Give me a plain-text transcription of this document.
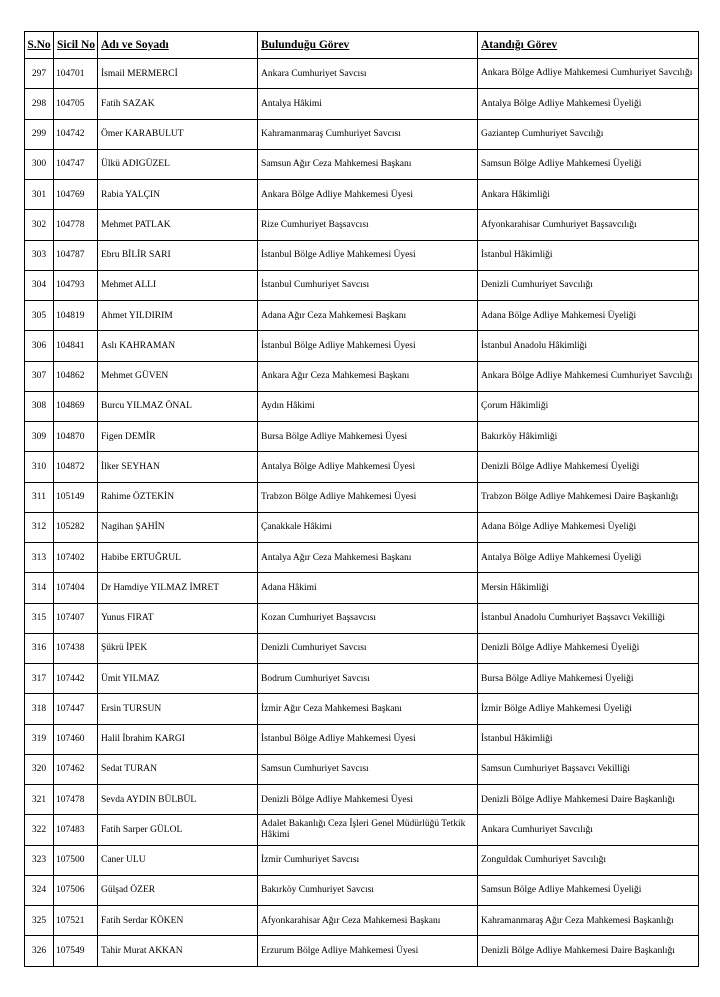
S.No	Sicil No	Adı ve Soyadı	Bulunduğu Görev	Atandığı Görev
297	104701	İsmail MERMERCİ	Ankara Cumhuriyet Savcısı	Ankara Bölge Adliye Mahkemesi Cumhuriyet Savcılığı
298	104705	Fatih SAZAK	Antalya Hâkimi	Antalya Bölge Adliye Mahkemesi Üyeliği
299	104742	Ömer KARABULUT	Kahramanmaraş Cumhuriyet Savcısı	Gaziantep Cumhuriyet Savcılığı
300	104747	Ülkü ADIGÜZEL	Samsun Ağır Ceza Mahkemesi Başkanı	Samsun Bölge Adliye Mahkemesi Üyeliği
301	104769	Rabia YALÇIN	Ankara Bölge Adliye Mahkemesi Üyesi	Ankara Hâkimliği
302	104778	Mehmet PATLAK	Rize Cumhuriyet Başsavcısı	Afyonkarahisar Cumhuriyet Başsavcılığı
303	104787	Ebru BİLİR SARI	İstanbul Bölge Adliye Mahkemesi Üyesi	İstanbul Hâkimliği
304	104793	Mehmet ALLI	İstanbul Cumhuriyet Savcısı	Denizli Cumhuriyet Savcılığı
305	104819	Ahmet YILDIRIM	Adana Ağır Ceza Mahkemesi Başkanı	Adana Bölge Adliye Mahkemesi Üyeliği
306	104841	Aslı KAHRAMAN	İstanbul Bölge Adliye Mahkemesi Üyesi	İstanbul Anadolu Hâkimliği
307	104862	Mehmet GÜVEN	Ankara Ağır Ceza Mahkemesi Başkanı	Ankara Bölge Adliye Mahkemesi Cumhuriyet Savcılığı
308	104869	Burcu YILMAZ ÖNAL	Aydın Hâkimi	Çorum Hâkimliği
309	104870	Figen DEMİR	Bursa Bölge Adliye Mahkemesi Üyesi	Bakırköy Hâkimliği
310	104872	İlker SEYHAN	Antalya Bölge Adliye Mahkemesi Üyesi	Denizli Bölge Adliye Mahkemesi Üyeliği
311	105149	Rahime ÖZTEKİN	Trabzon Bölge Adliye Mahkemesi Üyesi	Trabzon Bölge Adliye Mahkemesi Daire Başkanlığı
312	105282	Nagihan ŞAHİN	Çanakkale Hâkimi	Adana Bölge Adliye Mahkemesi Üyeliği
313	107402	Habibe ERTUĞRUL	Antalya Ağır Ceza Mahkemesi Başkanı	Antalya Bölge Adliye Mahkemesi Üyeliği
314	107404	Dr Hamdiye YILMAZ İMRET	Adana Hâkimi	Mersin Hâkimliği
315	107407	Yunus FIRAT	Kozan Cumhuriyet Başsavcısı	İstanbul Anadolu Cumhuriyet Başsavcı Vekilliği
316	107438	Şükrü İPEK	Denizli Cumhuriyet Savcısı	Denizli Bölge Adliye Mahkemesi Üyeliği
317	107442	Ümit YILMAZ	Bodrum Cumhuriyet Savcısı	Bursa Bölge Adliye Mahkemesi Üyeliği
318	107447	Ersin TURSUN	İzmir Ağır Ceza Mahkemesi Başkanı	İzmir Bölge Adliye Mahkemesi Üyeliği
319	107460	Halil İbrahim KARGI	İstanbul Bölge Adliye Mahkemesi Üyesi	İstanbul Hâkimliği
320	107462	Sedat TURAN	Samsun Cumhuriyet Savcısı	Samsun Cumhuriyet Başsavcı Vekilliği
321	107478	Sevda AYDIN BÜLBÜL	Denizli Bölge Adliye Mahkemesi Üyesi	Denizli Bölge Adliye Mahkemesi Daire Başkanlığı
322	107483	Fatih Sarper GÜLOL	Adalet Bakanlığı Ceza İşleri Genel Müdürlüğü Tetkik Hâkimi	Ankara Cumhuriyet Savcılığı
323	107500	Caner ULU	İzmir Cumhuriyet Savcısı	Zonguldak Cumhuriyet Savcılığı
324	107506	Gülşad ÖZER	Bakırköy Cumhuriyet Savcısı	Samsun Bölge Adliye Mahkemesi Üyeliği
325	107521	Fatih Serdar KÖKEN	Afyonkarahisar Ağır Ceza Mahkemesi Başkanı	Kahramanmaraş Ağır Ceza Mahkemesi Başkanlığı
326	107549	Tahir Murat AKKAN	Erzurum Bölge Adliye Mahkemesi Üyesi	Denizli Bölge Adliye Mahkemesi Daire Başkanlığı
